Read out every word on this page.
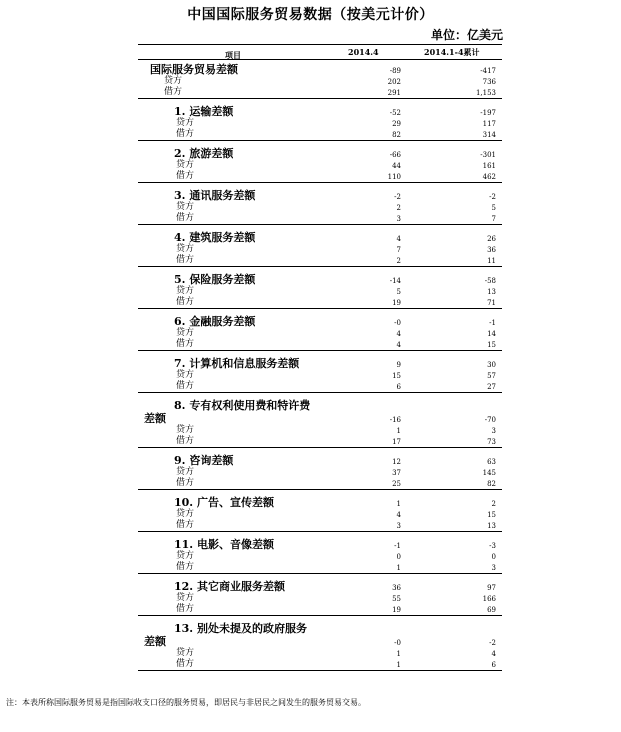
中国国际服务贸易数据（按美元计价）
单位：亿美元
项目	2014.4	2014.1-4累计
国际服务贸易差额	-89	-417
贷方	202	736
借方	291	1,153
1. 运输差额	-52	-197
贷方	29	117
借方	82	314
2. 旅游差额	-66	-301
贷方	44	161
借方	110	462
3. 通讯服务差额	-2	-2
贷方	2	5
借方	3	7
4. 建筑服务差额	4	26
贷方	7	36
借方	2	11
5. 保险服务差额	-14	-58
贷方	5	13
借方	19	71
6. 金融服务差额	-0	-1
贷方	4	14
借方	4	15
7. 计算机和信息服务差额	9	30
贷方	15	57
借方	6	27
8. 专有权利使用费和特许费
差额	-16	-70
贷方	1	3
借方	17	73
9. 咨询差额	12	63
贷方	37	145
借方	25	82
10. 广告、宣传差额	1	2
贷方	4	15
借方	3	13
11. 电影、音像差额	-1	-3
贷方	0	0
借方	1	3
12. 其它商业服务差额	36	97
贷方	55	166
借方	19	69
13. 别处未提及的政府服务
差额	-0	-2
贷方	1	4
借方	1	6
注：本表所称国际服务贸易是指国际收支口径的服务贸易，即居民与非居民之间发生的服务贸易交易。
